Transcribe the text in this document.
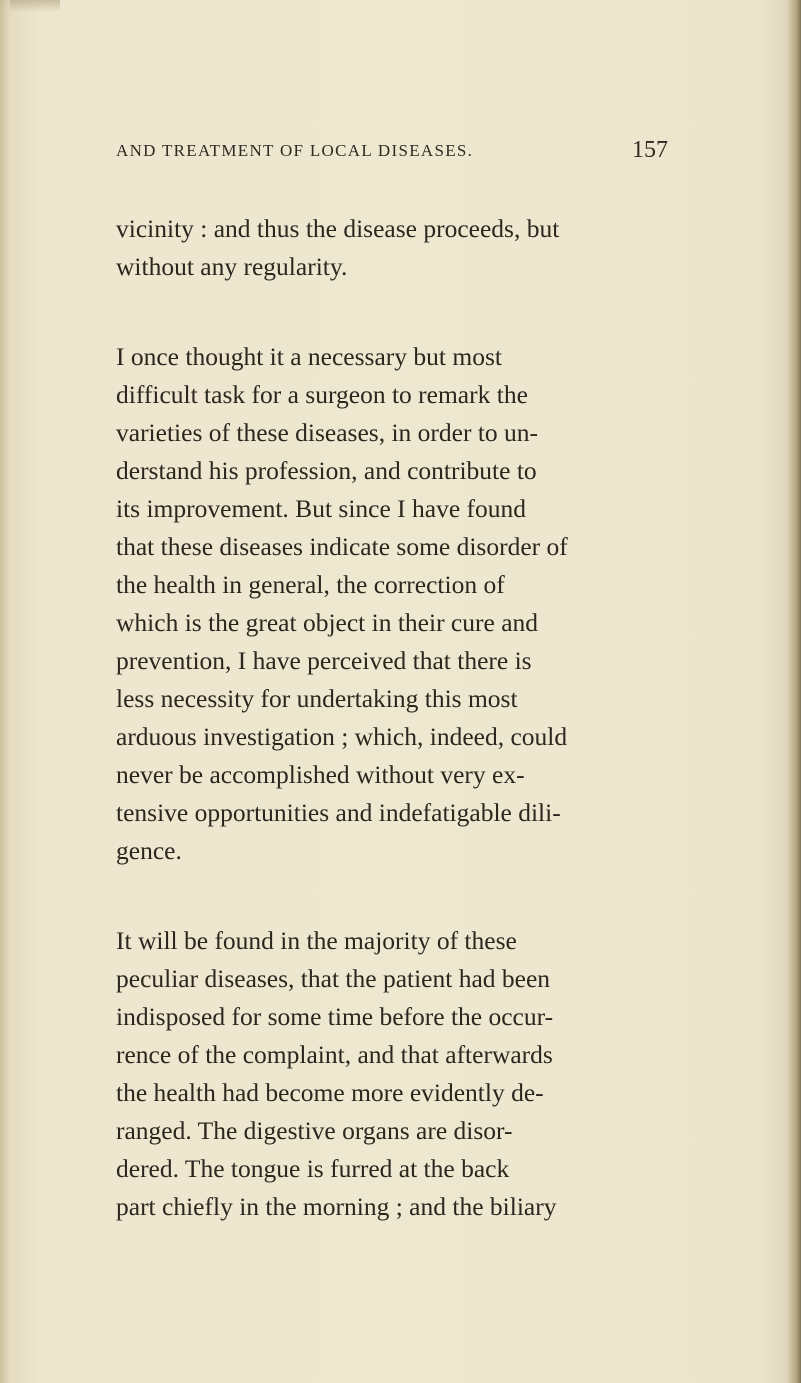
AND TREATMENT OF LOCAL DISEASES.	157
vicinity : and thus the disease proceeds, but
without any regularity.
I once thought it a necessary but most
difficult task for a surgeon to remark the
varieties of these diseases, in order to un-
derstand his profession, and contribute to
its improvement. But since I have found
that these diseases indicate some disorder of
the health in general, the correction of
which is the great object in their cure and
prevention, I have perceived that there is
less necessity for undertaking this most
arduous investigation ; which, indeed, could
never be accomplished without very ex-
tensive opportunities and indefatigable dili-
gence.
It will be found in the majority of these
peculiar diseases, that the patient had been
indisposed for some time before the occur-
rence of the complaint, and that afterwards
the health had become more evidently de-
ranged. The digestive organs are disor-
dered. The tongue is furred at the back
part chiefly in the morning ; and the biliary
